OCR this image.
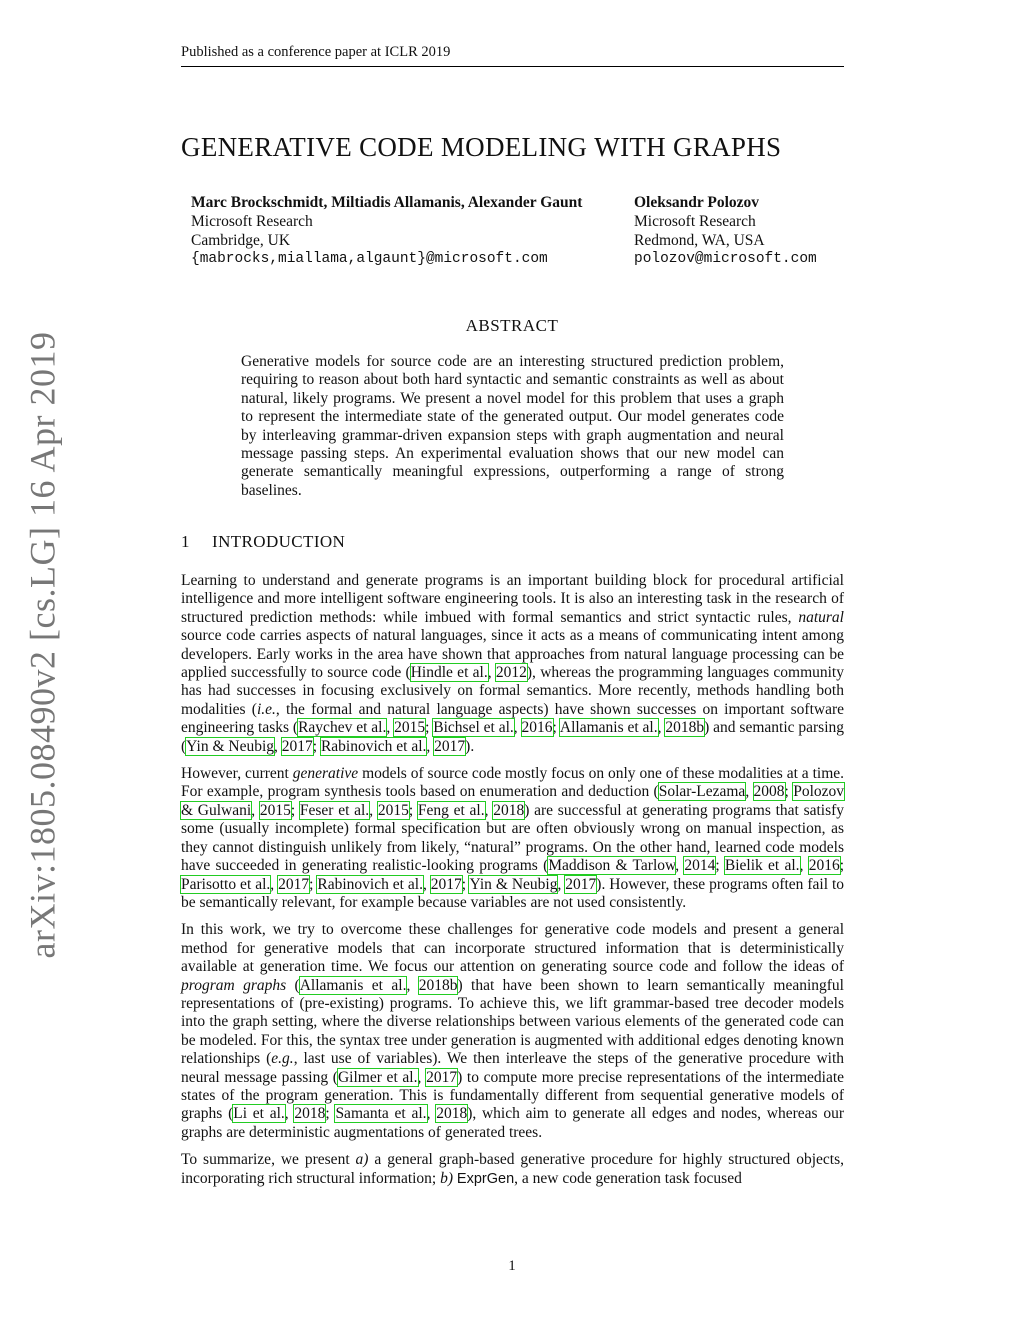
Published as a conference paper at ICLR 2019
arXiv:1805.08490v2 [cs.LG] 16 Apr 2019
GENERATIVE CODE MODELING WITH GRAPHS
Marc Brockschmidt, Miltiadis Allamanis, Alexander Gaunt
Microsoft Research
Cambridge, UK
{mabrocks,miallama,algaunt}@microsoft.com
Oleksandr Polozov
Microsoft Research
Redmond, WA, USA
polozov@microsoft.com
ABSTRACT

Generative models for source code are an interesting structured prediction problem, requiring to reason about both hard syntactic and semantic constraints as well as about natural, likely programs. We present a novel model for this problem that uses a graph to represent the intermediate state of the generated output. Our model generates code by interleaving grammar-driven expansion steps with graph augmentation and neural message passing steps. An experimental evaluation shows that our new model can generate semantically meaningful expressions, outperforming a range of strong baselines.

1 INTRODUCTION

Learning to understand and generate programs is an important building block for procedural artificial intelligence and more intelligent software engineering tools. It is also an interesting task in the research of structured prediction methods: while imbued with formal semantics and strict syntactic rules, natural source code carries aspects of natural languages, since it acts as a means of communicating intent among developers. Early works in the area have shown that approaches from natural language processing can be applied successfully to source code (Hindle et al., 2012), whereas the programming languages community has had successes in focusing exclusively on formal semantics. More recently, methods handling both modalities (i.e., the formal and natural language aspects) have shown successes on important software engineering tasks (Raychev et al., 2015; Bichsel et al., 2016; Allamanis et al., 2018b) and semantic parsing (Yin & Neubig, 2017; Rabinovich et al., 2017).

However, current generative models of source code mostly focus on only one of these modalities at a time. For example, program synthesis tools based on enumeration and deduction (Solar-Lezama, 2008; Polozov & Gulwani, 2015; Feser et al., 2015; Feng et al., 2018) are successful at generating programs that satisfy some (usually incomplete) formal specification but are often obviously wrong on manual inspection, as they cannot distinguish unlikely from likely, “natural” programs. On the other hand, learned code models have succeeded in generating realistic-looking programs (Maddison & Tarlow, 2014; Bielik et al., 2016; Parisotto et al., 2017; Rabinovich et al., 2017; Yin & Neubig, 2017). However, these programs often fail to be semantically relevant, for example because variables are not used consistently.

In this work, we try to overcome these challenges for generative code models and present a general method for generative models that can incorporate structured information that is deterministically available at generation time. We focus our attention on generating source code and follow the ideas of program graphs (Allamanis et al., 2018b) that have been shown to learn semantically meaningful representations of (pre-existing) programs. To achieve this, we lift grammar-based tree decoder models into the graph setting, where the diverse relationships between various elements of the generated code can be modeled. For this, the syntax tree under generation is augmented with additional edges denoting known relationships (e.g., last use of variables). We then interleave the steps of the generative procedure with neural message passing (Gilmer et al., 2017) to compute more precise representations of the intermediate states of the program generation. This is fundamentally different from sequential generative models of graphs (Li et al., 2018; Samanta et al., 2018), which aim to generate all edges and nodes, whereas our graphs are deterministic augmentations of generated trees.

To summarize, we present a) a general graph-based generative procedure for highly structured objects, incorporating rich structural information; b) ExprGen, a new code generation task focused

1
